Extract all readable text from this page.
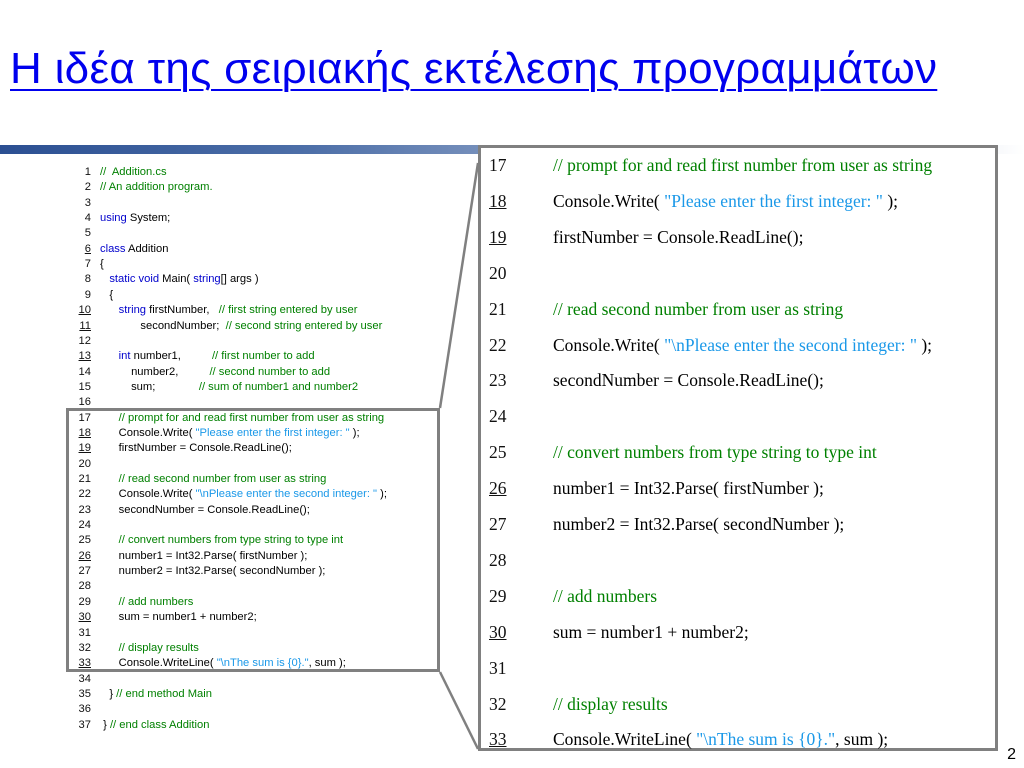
Η ιδέα της σειριακής εκτέλεσης προγραμμάτων
1 //  Addition.cs
2 // An addition program.
3
4 using System;
5
6 class Addition
7 {
8	static void Main( string[] args )
9 {
10	string firstNumber,   // first string entered by user
11 secondNumber;  // second string entered by user
12
13	int number1,          // first number to add
14 number2,          // second number to add
15 sum;              // sum of number1 and number2
16
17	// prompt for and read first number from user as string
18 Console.Write( "Please enter the first integer: " );
19 firstNumber = Console.ReadLine();
20
21	// read second number from user as string
22 Console.Write( "\nPlease enter the second integer: " );
23 secondNumber = Console.ReadLine();
24
25	// convert numbers from type string to type int
26 number1 = Int32.Parse( firstNumber );
27 number2 = Int32.Parse( secondNumber );
28
29	// add numbers
30 sum = number1 + number2;
31
32	// display results
33 Console.WriteLine( "\nThe sum is {0}.", sum );
34
35 } // end method Main
36
37 } // end class Addition
17	// prompt for and read first number from user as string
18	Console.Write( "Please enter the first integer: " );
19	firstNumber = Console.ReadLine();
20
21	// read second number from user as string
22	Console.Write( "\nPlease enter the second integer: " );
23	secondNumber = Console.ReadLine();
24
25	// convert numbers from type string to type int
26	number1 = Int32.Parse( firstNumber );
27	number2 = Int32.Parse( secondNumber );
28
29	// add numbers
30	sum = number1 + number2;
31
32	// display results
33	Console.WriteLine( "\nThe sum is {0}.", sum );
2
